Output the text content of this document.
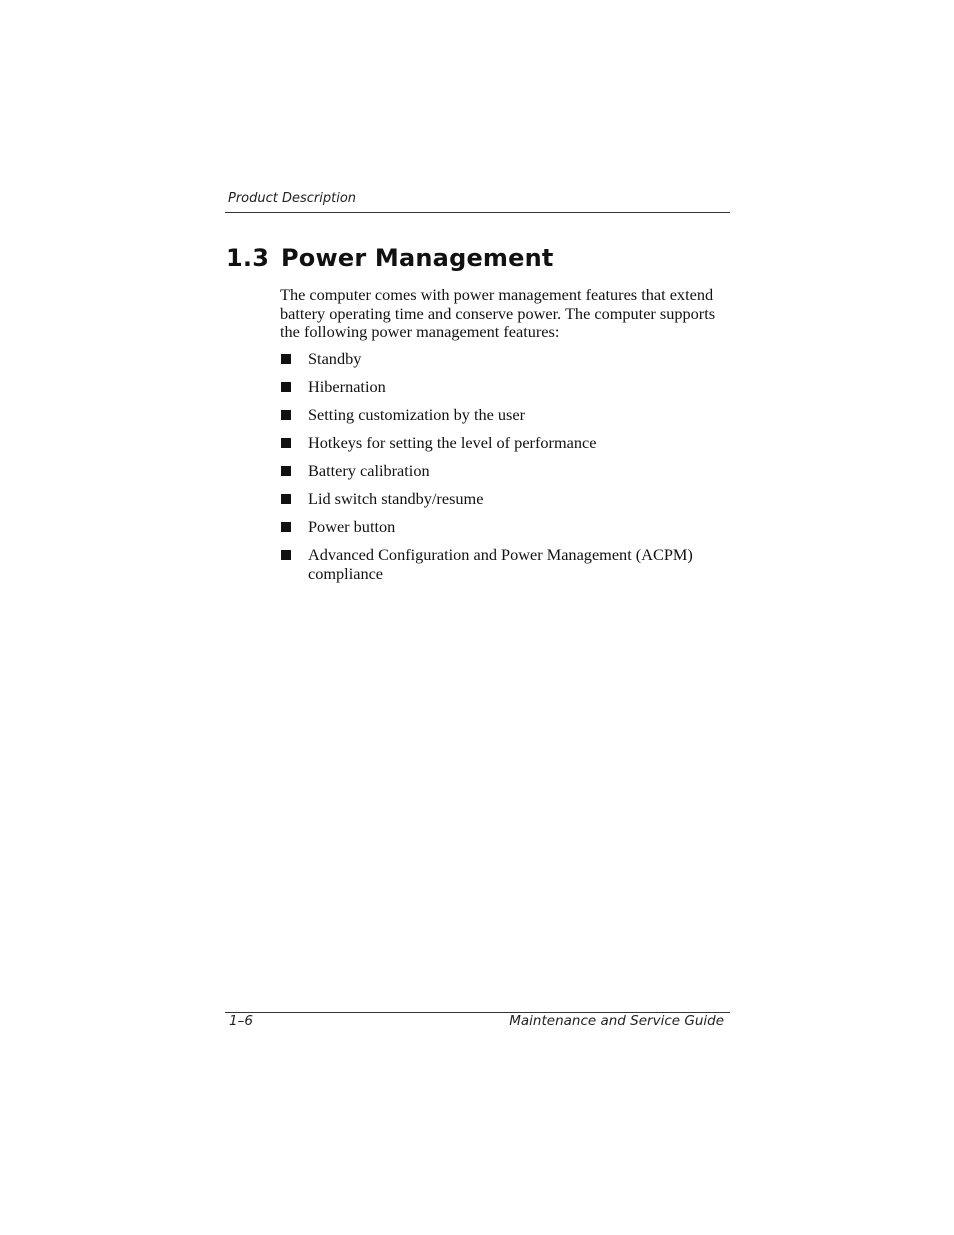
Product Description
1.3 Power Management

The computer comes with power management features that extend battery operating time and conserve power. The computer supports the following power management features:

Standby
Hibernation
Setting customization by the user
Hotkeys for setting the level of performance
Battery calibration
Lid switch standby/resume
Power button
Advanced Configuration and Power Management (ACPM) compliance
1–6	Maintenance and Service Guide
